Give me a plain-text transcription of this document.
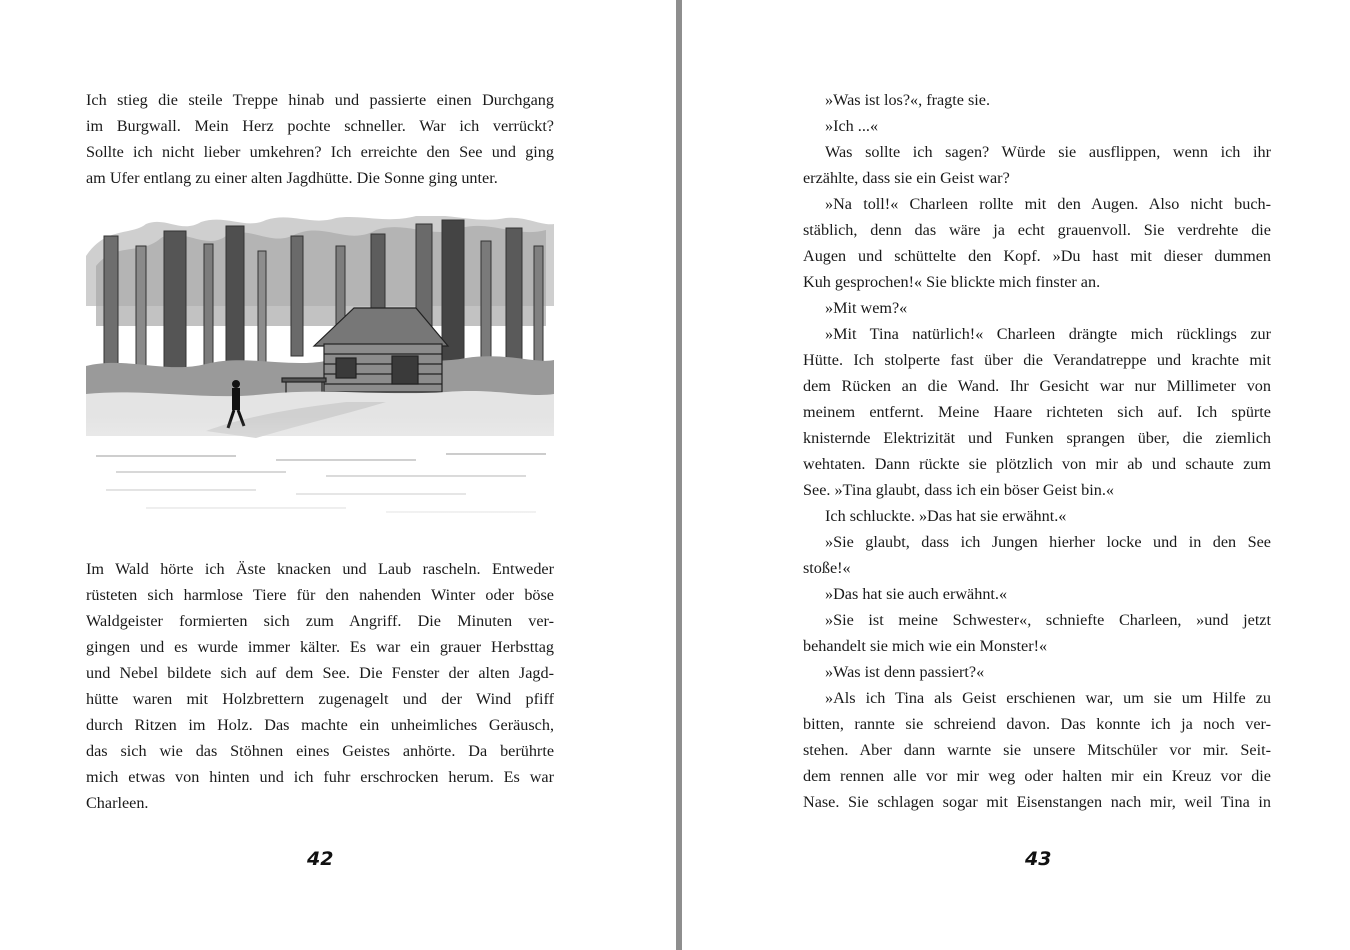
Ich stieg die steile Treppe hinab und passierte einen Durchgang
im Burgwall. Mein Herz pochte schneller. War ich verrückt?
Sollte ich nicht lieber umkehren? Ich erreichte den See und ging
am Ufer entlang zu einer alten Jagdhütte. Die Sonne ging unter.
Im Wald hörte ich Äste knacken und Laub rascheln. Entweder
rüsteten sich harmlose Tiere für den nahenden Winter oder böse
Waldgeister formierten sich zum Angriff. Die Minuten ver-
gingen und es wurde immer kälter. Es war ein grauer Herbsttag
und Nebel bildete sich auf dem See. Die Fenster der alten Jagd-
hütte waren mit Holzbrettern zugenagelt und der Wind pfiff
durch Ritzen im Holz. Das machte ein unheimliches Geräusch,
das sich wie das Stöhnen eines Geistes anhörte. Da berührte
mich etwas von hinten und ich fuhr erschrocken herum. Es war
Charleen.
42
»Was ist los?«, fragte sie.
»Ich ...«
Was sollte ich sagen? Würde sie ausflippen, wenn ich ihr
erzählte, dass sie ein Geist war?
»Na toll!« Charleen rollte mit den Augen. Also nicht buch-
stäblich, denn das wäre ja echt grauenvoll. Sie verdrehte die
Augen und schüttelte den Kopf. »Du hast mit dieser dummen
Kuh gesprochen!« Sie blickte mich finster an.
»Mit wem?«
»Mit Tina natürlich!« Charleen drängte mich rücklings zur
Hütte. Ich stolperte fast über die Verandatreppe und krachte mit
dem Rücken an die Wand. Ihr Gesicht war nur Millimeter von
meinem entfernt. Meine Haare richteten sich auf. Ich spürte
knisternde Elektrizität und Funken sprangen über, die ziemlich
wehtaten. Dann rückte sie plötzlich von mir ab und schaute zum
See. »Tina glaubt, dass ich ein böser Geist bin.«
Ich schluckte. »Das hat sie erwähnt.«
»Sie glaubt, dass ich Jungen hierher locke und in den See
stoße!«
»Das hat sie auch erwähnt.«
»Sie ist meine Schwester«, schniefte Charleen, »und jetzt
behandelt sie mich wie ein Monster!«
»Was ist denn passiert?«
»Als ich Tina als Geist erschienen war, um sie um Hilfe zu
bitten, rannte sie schreiend davon. Das konnte ich ja noch ver-
stehen. Aber dann warnte sie unsere Mitschüler vor mir. Seit-
dem rennen alle vor mir weg oder halten mir ein Kreuz vor die
Nase. Sie schlagen sogar mit Eisenstangen nach mir, weil Tina in
43
